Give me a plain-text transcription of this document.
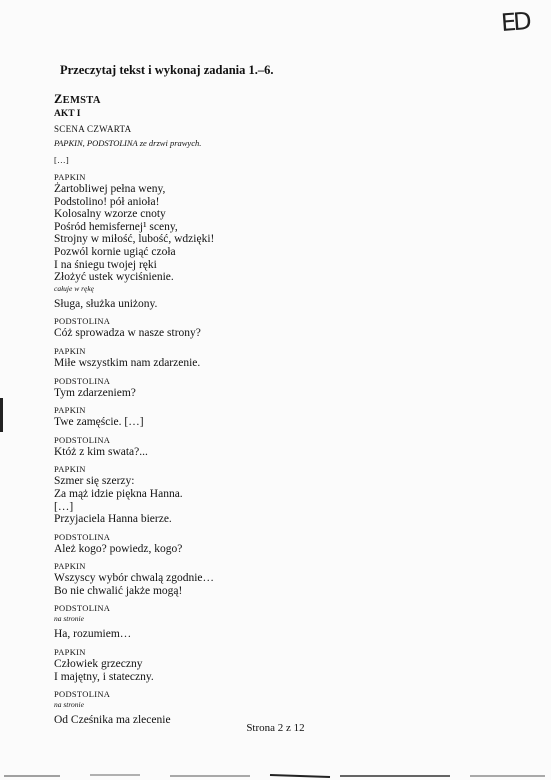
ED
Przeczytaj tekst i wykonaj zadania 1.–6.
ZEMSTA
AKT I
SCENA CZWARTA
PAPKIN, PODSTOLINA ze drzwi prawych.
[…]
PAPKIN
Żartobliwej pełna weny,
Podstolino! pół anioła!
Kolosalny wzorze cnoty
Pośród hemisfernej¹ sceny,
Strojny w miłość, lubość, wdzięki!
Pozwól kornie ugiąć czoła
I na śniegu twojej ręki
Złożyć ustek wyciśnienie.
całuje w rękę
Sługa, służka uniżony.
PODSTOLINA
Cóż sprowadza w nasze strony?
PAPKIN
Miłe wszystkim nam zdarzenie.
PODSTOLINA
Tym zdarzeniem?
PAPKIN
Twe zamęście. […]
PODSTOLINA
Któż z kim swata?...
PAPKIN
Szmer się szerzy:
Za mąż idzie piękna Hanna.
[…]
Przyjaciela Hanna bierze.
PODSTOLINA
Ależ kogo? powiedz, kogo?
PAPKIN
Wszyscy wybór chwalą zgodnie…
Bo nie chwalić jakże mogą!
PODSTOLINA
na stronie
Ha, rozumiem…
PAPKIN
Człowiek grzeczny
I majętny, i stateczny.
PODSTOLINA
na stronie
Od Cześnika ma zlecenie
Strona 2 z 12
